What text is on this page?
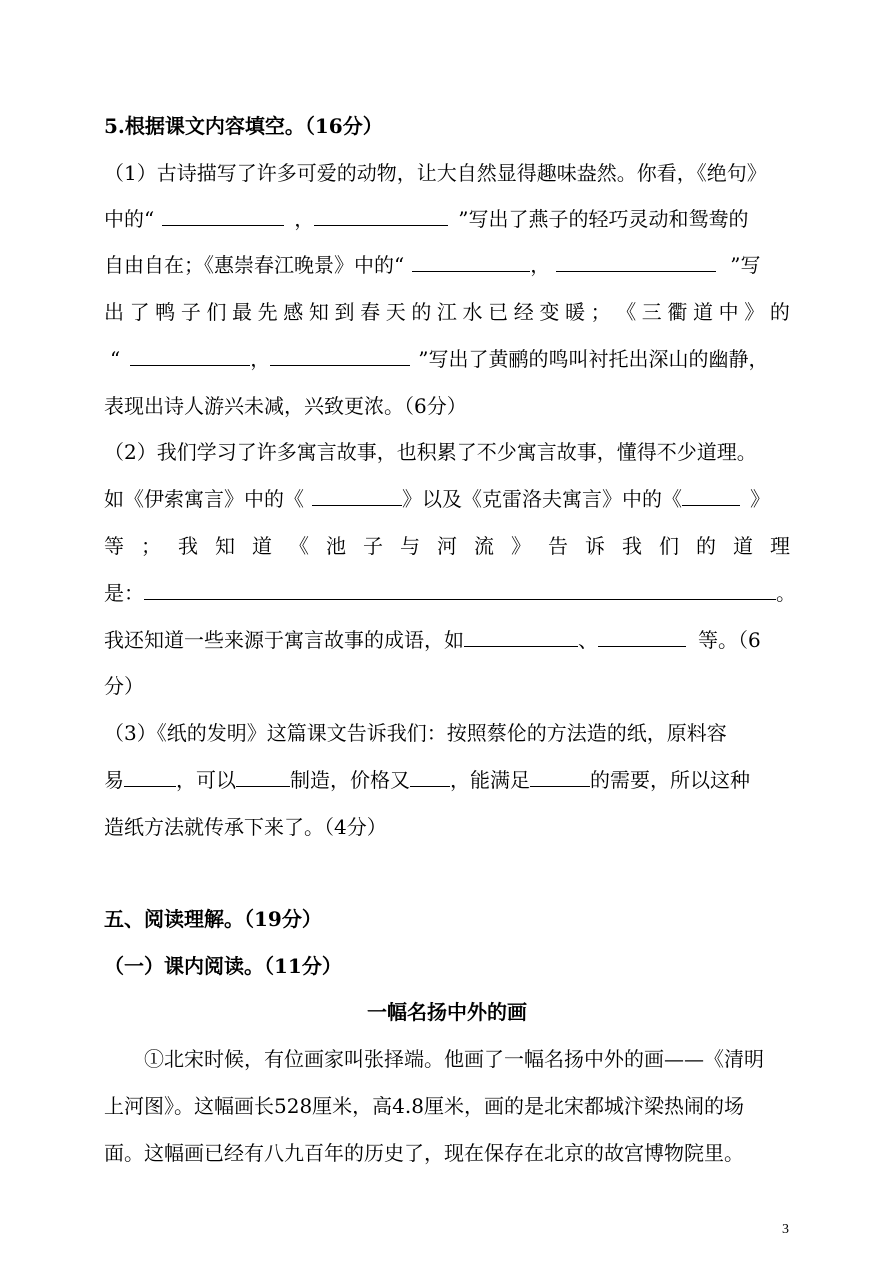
5.根据课文内容填空。（16分）
（1）古诗描写了许多可爱的动物，让大自然显得趣味盎然。你看，《绝句》
中的“	，	”写出了燕子的轻巧灵动和鸳鸯的
自由自在；《惠崇春江晚景》中的“	，	”写
出 了 鸭 子 们 最 先 感 知 到 春 天 的 江 水 已 经 变 暖 ； 《 三 衢 道 中 》 的
“	，	”写出了黄鹂的鸣叫衬托出深山的幽静，
表现出诗人游兴未减，兴致更浓。（6分）
（2）我们学习了许多寓言故事，也积累了不少寓言故事，懂得不少道理。
如《伊索寓言》中的《	》以及《克雷洛夫寓言》中的《	》
等 ； 我 知 道 《 池 子 与 河 流 》 告 诉 我 们 的 道 理
是：	。
我还知道一些来源于寓言故事的成语，如	、	等。（6
分）
（3）《纸的发明》这篇课文告诉我们：按照蔡伦的方法造的纸，原料容
易	，可以	制造，价格又 ，能满足	的需要，所以这种
造纸方法就传承下来了。（4分）
五、阅读理解。（19分）
（一）课内阅读。（11分）
一幅名扬中外的画
①北宋时候，有位画家叫张择端。他画了一幅名扬中外的画——《清明
上河图》。这幅画长528厘米，高4.8厘米，画的是北宋都城汴梁热闹的场
面。这幅画已经有八九百年的历史了，现在保存在北京的故宫博物院里。
3
